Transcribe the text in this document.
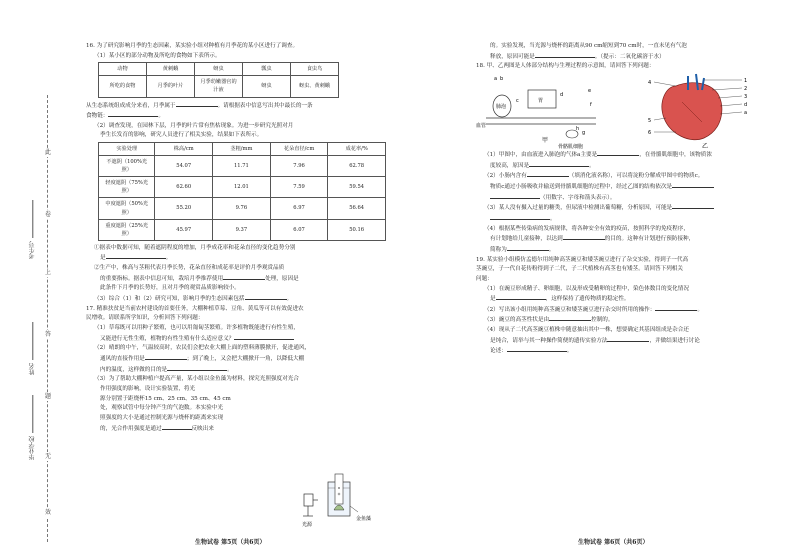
此
卷
上
答
题
无
效
考生号
姓名
毕业学校
16. 为了研究影响月季的生态因素，某实验小组对种植有月季花的某小区进行了调查。
（1）某小区的部分动物及所吃的食物如下表所示。
动物	黄刺蛾	蚜虫	瓢虫	食虫鸟
所吃的食物	月季的叶片	月季幼嫩器官的汁液	蚜虫	蚜虫、黄刺蛾
从生态系统组成成分来看，月季属于	。请根据表中信息写出其中最长的一条
食物链：	。
（2）调查发现，在园林下层，月季的叶片常有焦枯现象。为进一步研究光照对月
季生长发育的影响，研究人员进行了相关实验，结果如下表所示。
实验处理	株高/cm	茎粗/mm	花朵直径/cm	成花率/%
不遮阴（100%光照）	54.07	11.71	7.96	62.78
轻度遮阴（75%光照）	62.60	12.01	7.59	59.54
中度遮阴（50%光照）	55.20	9.76	6.97	56.64
重度遮阴（25%光照）	45.97	9.37	6.07	50.16
①据表中数据可知，随着遮阴程度的增加，月季成花率和花朵直径的变化趋势分别
是	。
②生产中，株高与茎粗代表月季长势，花朵直径和成花率是评价月季观赏品质
的重要指标。据表中信息可知，栽培月季推荐使用	处理，原因是
此条件下月季的长势好，且对月季的观赏品质影响较小。
（3）综合（1）和（2）研究可知，影响月季的生态因素包括	。
17. 精准扶贫是当前农村建设的首要任务，大棚种植草莓、豆角、黄瓜等可以有效促进农
民增收。请联系所学知识，分析回答下列问题：
（1）草莓既可以用种子繁殖，也可以用匍匐茎繁殖。许多植物既能进行有性生殖，
又能进行无性生殖，植物的有性生殖有什么适应意义？
（2）晴朗的中午，气温较高时，农民们会把农业大棚上面的塑料薄膜掀开，促进通风，
通风的直接作用是	；到了晚上，又会把大棚掀开一角，以降低大棚
内的温度，这样做的目的是	。
（3）为了帮助大棚种植户提高产量，某小组以金鱼藻为材料，探究光照强度对光合
作用强度的影响，设计实验装置，将光
源分别置于距烧杯15 cm、25 cm、35 cm、45 cm
处，观察试管中每分钟产生的气泡数。本实验中光
照强度的大小是通过控制光源与烧杯的距离来实现
的，光合作用强度是通过	反映出来
光源
金鱼藻
的。实验发现，当光源与烧杯的距离从90 cm缩短到70 cm时，一直未见有气泡
释放，原因可能是	。（提示：二氧化碳溶于水）
18. 甲、乙两图是人体部分结构与生理过程的示意图，请回答下列问题：
肺泡
胃
血管
骨骼肌细胞
a b
c
d
e
f
g
h
甲
4
5
6
1
2
3
d
a
乙
（1）甲图中，由血液进入肺泡的气体a主要是	，在骨骼肌细胞中，该物质浓
度较高，原因是	。
（2）小肠内含有	（填消化液名称），可以将淀粉分解成甲图中的物质c。
物质c通过小肠吸收并输送到骨骼肌细胞的过程中，经过乙图的结构依次是
（用数字、字母和箭头表示）。
（3）某人没有摄入过量的糖类，但尿液中检测出葡萄糖，分析原因，可能是
。
（4）根据某些传染病的发病规律，将各种安全有效的疫苗，按照科学的免疫程序，
有计划地给儿童接种，以达到	的目的。这种有计划进行预防接种，
简称为	。
19. 某实验小组模仿孟德尔用纯种高茎豌豆和矮茎豌豆进行了杂交实验，得到子一代高
茎豌豆，子一代自花传粉得到子二代，子二代植株有高茎也有矮茎。请回答下列相关
问题：
（1）在豌豆形成精子、卵细胞，以及形成受精卵的过程中，染色体数目的变化情况
是	，这样保持了遗传物质的稳定性。
（2）写出该小组用纯种高茎豌豆和矮茎豌豆进行杂交时所用的操作：	。
（3）豌豆的高茎性状是由	控制的。
（4）现从子二代高茎豌豆植株中随意抽出其中一株，想要确定其基因组成是杂合还
是纯合，请举与其一种操作简便的遗传实验方法	，并做结果进行讨论
论述：	。
生物试卷 第5页（共6页）	生物试卷 第6页（共6页）
